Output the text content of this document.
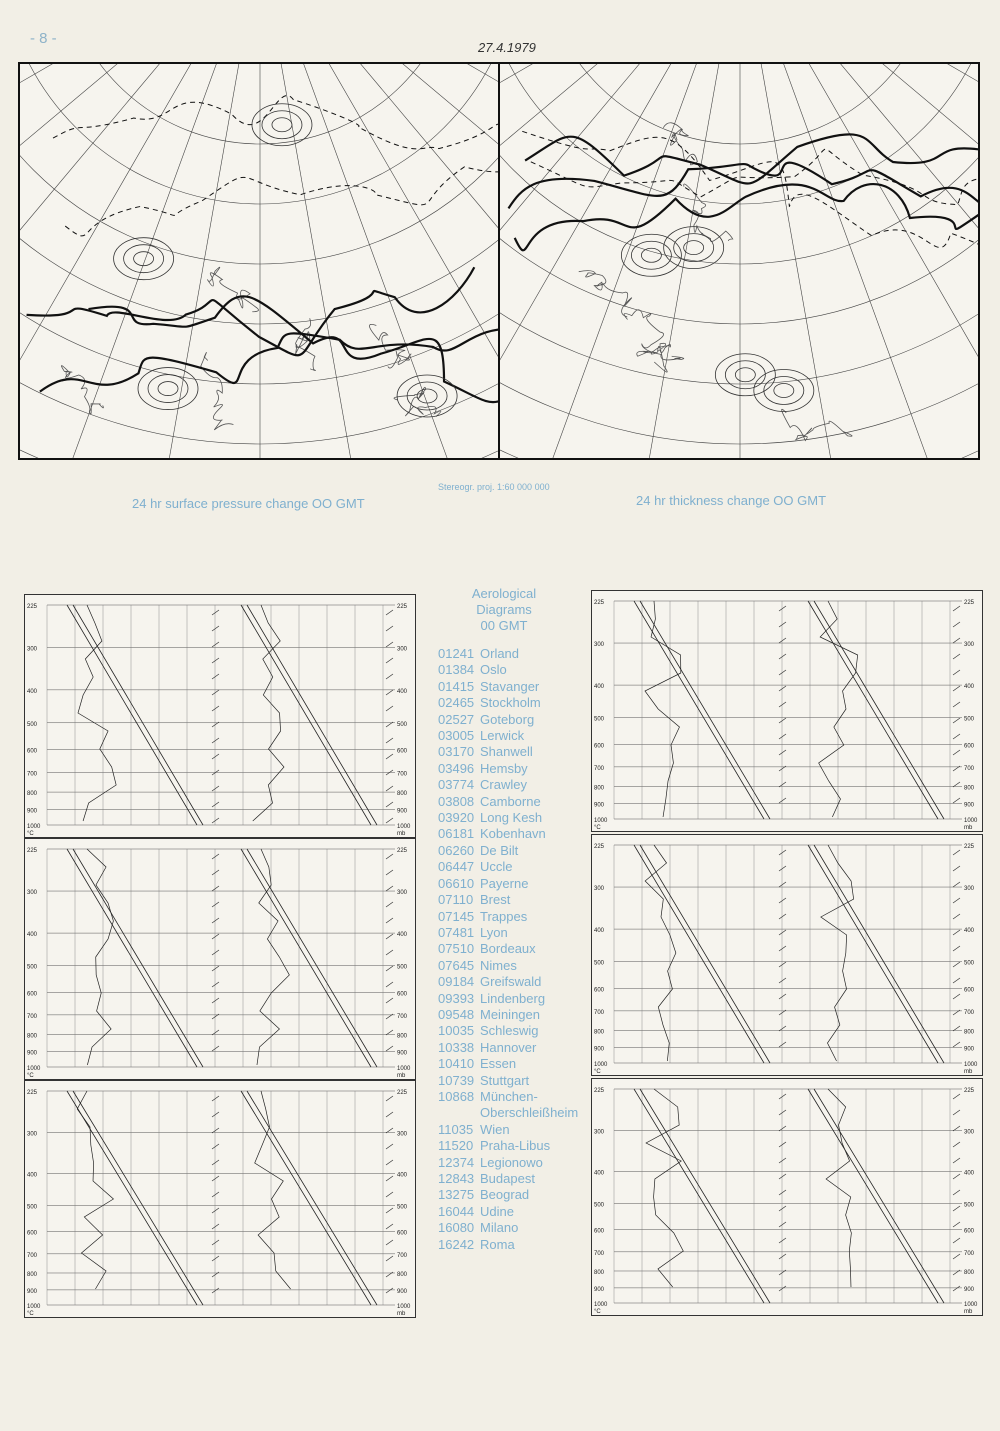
- 8 -
27.4.1979
Stereogr. proj. 1:60 000 000
24 hr surface pressure change OO GMT	24 hr thickness change OO GMT
225	225
300	300
400	400
500	500
600	600
700	700
800	800
900	900
1000	1000
°C	mb
225	225
300	300
400	400
500	500
600	600
700	700
800	800
900	900
1000	1000
°C	mb
225	225
300	300
400	400
500	500
600	600
700	700
800	800
900	900
1000	1000
°C	mb
225	225
300	300
400	400
500	500
600	600
700	700
800	800
900	900
1000	1000
°C	mb
225	225
300	300
400	400
500	500
600	600
700	700
800	800
900	900
1000	1000
°C	mb
225	225
300	300
400	400
500	500
600	600
700	700
800	800
900	900
1000	1000
°C	mb
Aerological
Diagrams
00 GMT
01241 Orland
01384 Oslo
01415 Stavanger
02465 Stockholm
02527 Goteborg
03005 Lerwick
03170 Shanwell
03496 Hemsby
03774 Crawley
03808 Camborne
03920 Long Kesh
06181 Kobenhavn
06260 De Bilt
06447 Uccle
06610 Payerne
07110 Brest
07145 Trappes
07481 Lyon
07510 Bordeaux
07645 Nimes
09184 Greifswald
09393 Lindenberg
09548 Meiningen
10035 Schleswig
10338 Hannover
10410 Essen
10739 Stuttgart
10868 München-
Oberschleißheim
11035 Wien
11520 Praha-Libus
12374 Legionowo
12843 Budapest
13275 Beograd
16044 Udine
16080 Milano
16242 Roma
